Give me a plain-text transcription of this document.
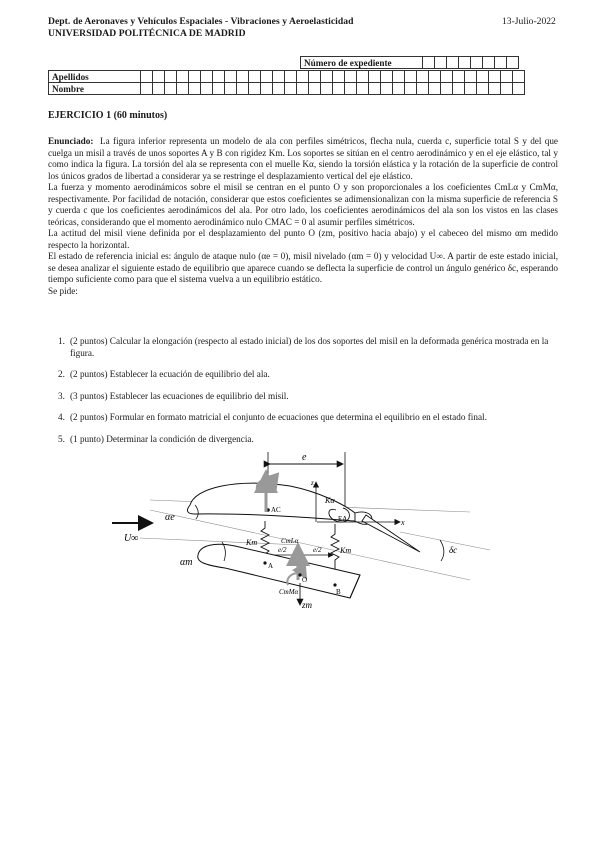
Dept. de Aeronaves y Vehículos Espaciales - Vibraciones y Aeroelasticidad
UNIVERSIDAD POLITÉCNICA DE MADRID
13-Julio-2022
Número de expediente								
Apellidos																																
Nombre																																
EJERCICIO 1 (60 minutos)
Enunciado: La figura inferior representa un modelo de ala con perfiles simétricos, flecha nula, cuerda c, superficie total S y del que cuelga un misil a través de unos soportes A y B con rigidez Km. Los soportes se sitúan en el centro aerodinámico y en el eje elástico, tal y como indica la figura. La torsión del ala se representa con el muelle Kα, siendo la torsión elástica y la rotación de la superficie de control los únicos grados de libertad a considerar ya se restringe el desplazamiento vertical del eje elástico.
La fuerza y momento aerodinámicos sobre el misil se centran en el punto O y son proporcionales a los coeficientes CmLα y CmMα, respectivamente. Por facilidad de notación, considerar que estos coeficientes se adimensionalizan con la misma superficie de referencia S y cuerda c que los coeficientes aerodinámicos del ala. Por otro lado, los coeficientes aerodinámicos del ala son los vistos en las clases teóricas, considerando que el momento aerodinámico nulo CMAC = 0 al asumir perfiles simétricos.
La actitud del misil viene definida por el desplazamiento del punto O (zm, positivo hacia abajo) y el cabeceo del mismo αm medido respecto la horizontal.
El estado de referencia inicial es: ángulo de ataque nulo (αe = 0), misil nivelado (αm = 0) y velocidad U∞. A partir de este estado inicial, se desea analizar el siguiente estado de equilibrio que aparece cuando se deflecta la superficie de control un ángulo genérico δc, esperando tiempo suficiente como para que el sistema vuelva a un equilibrio estático.
Se pide:
1. (2 puntos) Calcular la elongación (respecto al estado inicial) de los dos soportes del misil en la deformada genérica mostrada en la figura.
2. (2 puntos) Establecer la ecuación de equilibrio del ala.
3. (3 puntos) Establecer las ecuaciones de equilibrio del misil.
4. (2 puntos) Formular en formato matricial el conjunto de ecuaciones que determina el equilibrio en el estado final.
5. (1 punto) Determinar la condición de divergencia.
e
AC
EA	x
z
Kα
U∞
αe
Km
Km
e/2	e/2
CmLα
CmMα
A
O
B
zm
αm
δc
